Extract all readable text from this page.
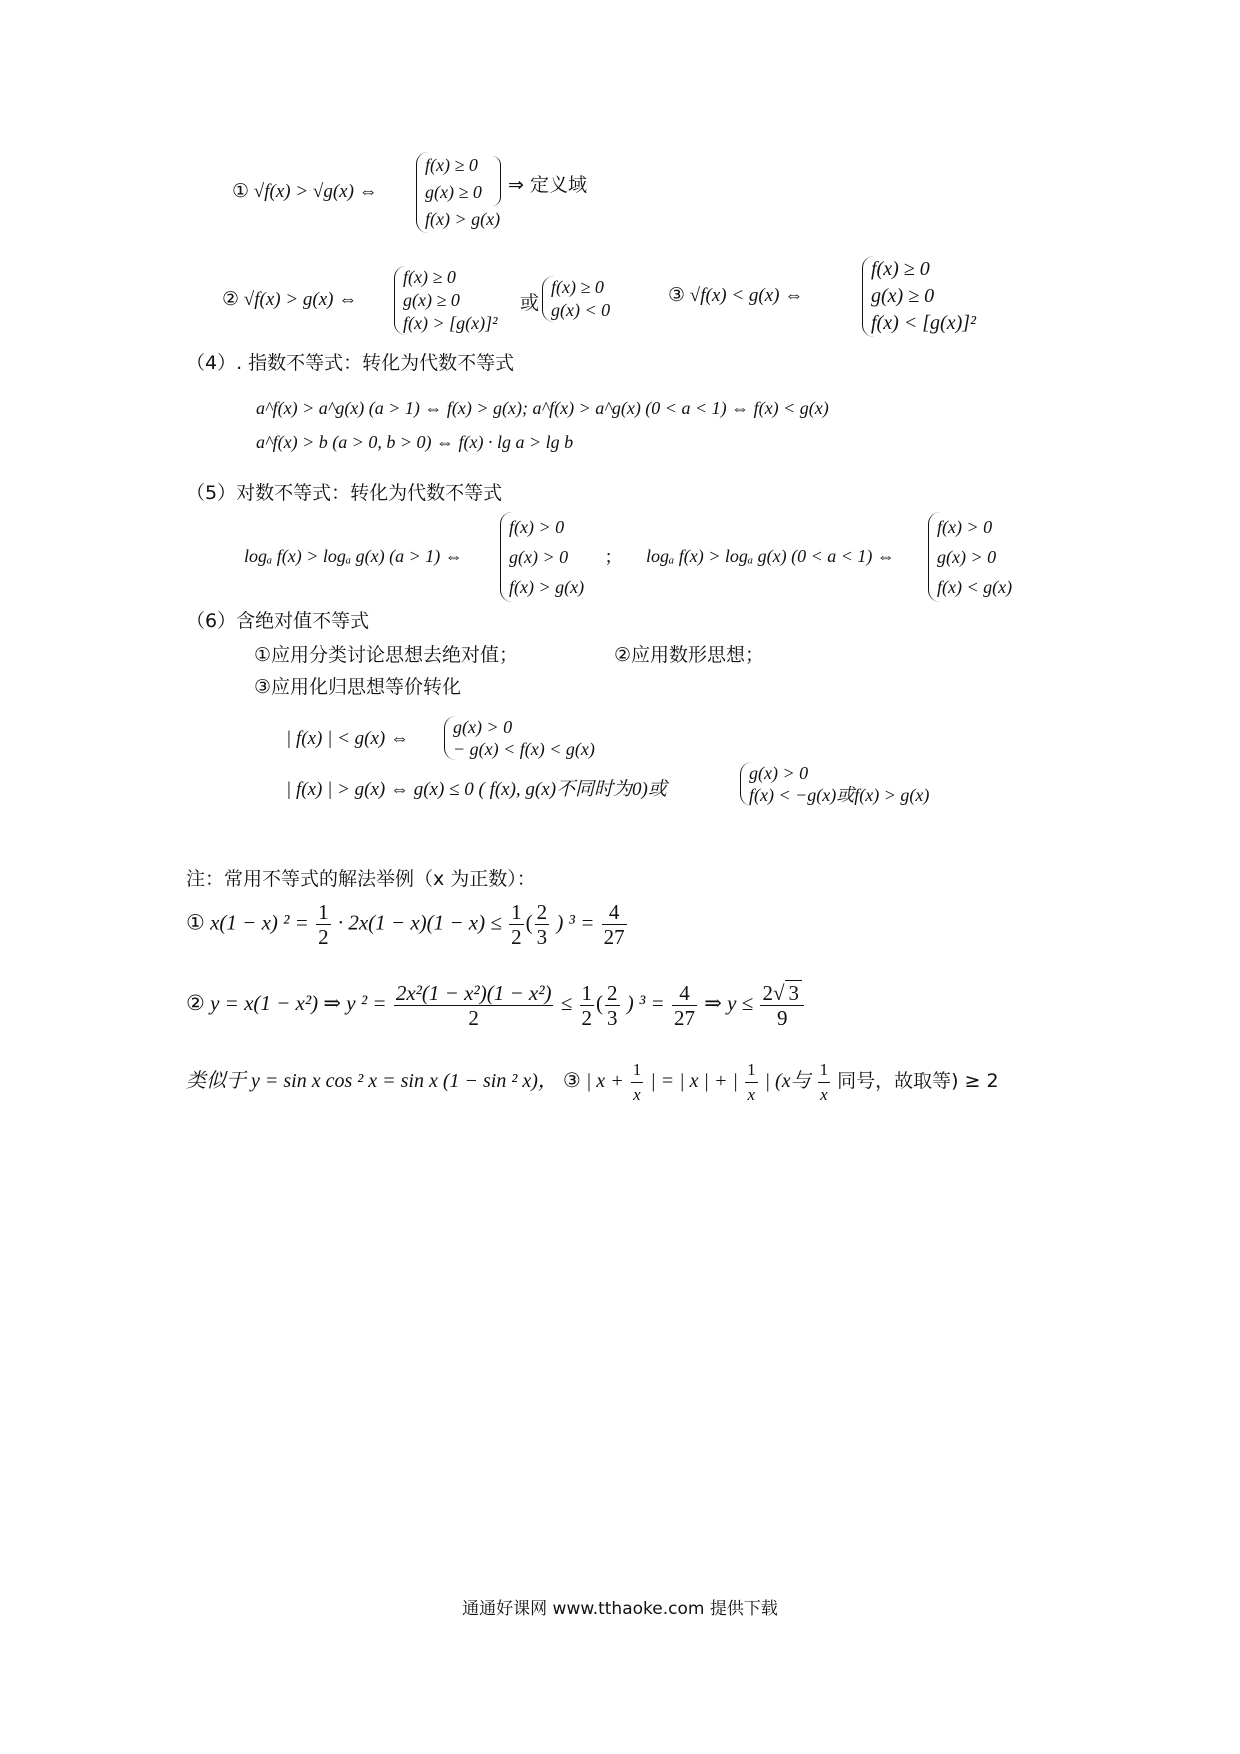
① √f(x) > √g(x) ⇔
f(x) ≥ 0
g(x) ≥ 0
f(x) > g(x)
⇒ 定义域
② √f(x) > g(x) ⇔
f(x) ≥ 0
g(x) ≥ 0
f(x) > [g(x)]²
或
f(x) ≥ 0
g(x) < 0
③ √f(x) < g(x) ⇔
f(x) ≥ 0
g(x) ≥ 0
f(x) < [g(x)]²
（4）. 指数不等式：转化为代数不等式
a^f(x) > a^g(x) (a > 1) ⇔ f(x) > g(x); a^f(x) > a^g(x) (0 < a < 1) ⇔ f(x) < g(x)
a^f(x) > b (a > 0, b > 0) ⇔ f(x) · lg a > lg b
（5）对数不等式：转化为代数不等式
logₐ f(x) > logₐ g(x) (a > 1) ⇔
f(x) > 0
g(x) > 0
f(x) > g(x)
; logₐ f(x) > logₐ g(x) (0 < a < 1) ⇔
f(x) > 0
g(x) > 0
f(x) < g(x)
（6）含绝对值不等式
①应用分类讨论思想去绝对值；	②应用数形思想；
③应用化归思想等价转化
| f(x) | < g(x) ⇔
g(x) > 0
− g(x) < f(x) < g(x)
| f(x) | > g(x) ⇔ g(x) ≤ 0 ( f(x), g(x)不同时为0)或
g(x) > 0
f(x) < −g(x)或f(x) > g(x)
注：常用不等式的解法举例（x 为正数）：
① x(1 − x) $^2 = \frac{1}{2} \cdot 2x(1 - x)(1 - x) \le \frac{1}{2}$ ( $\frac{2}{3}$ ) $^3 = \frac{4}{27}$
② y = x(1 − x²) ⇒ y $^2 = \frac{\text{2x²(1 − x²)(1 − x²)}}{2} \le \frac{1}{2}$ ( $\frac{2}{3}$ ) $^3 = \frac{4}{27}$ ⇒ $y \le \frac{2√ 3}{9}$
类似于 y = sin x cos ² x = sin x (1 − sin ² x)， ③ | $x + \frac{1}{x}$ | = | x | + | $\frac{1}{x}$ | (x与 $\frac{1}{x}$ 同号，故取等) ≥ 2
通通好课网 www.tthaoke.com 提供下载
